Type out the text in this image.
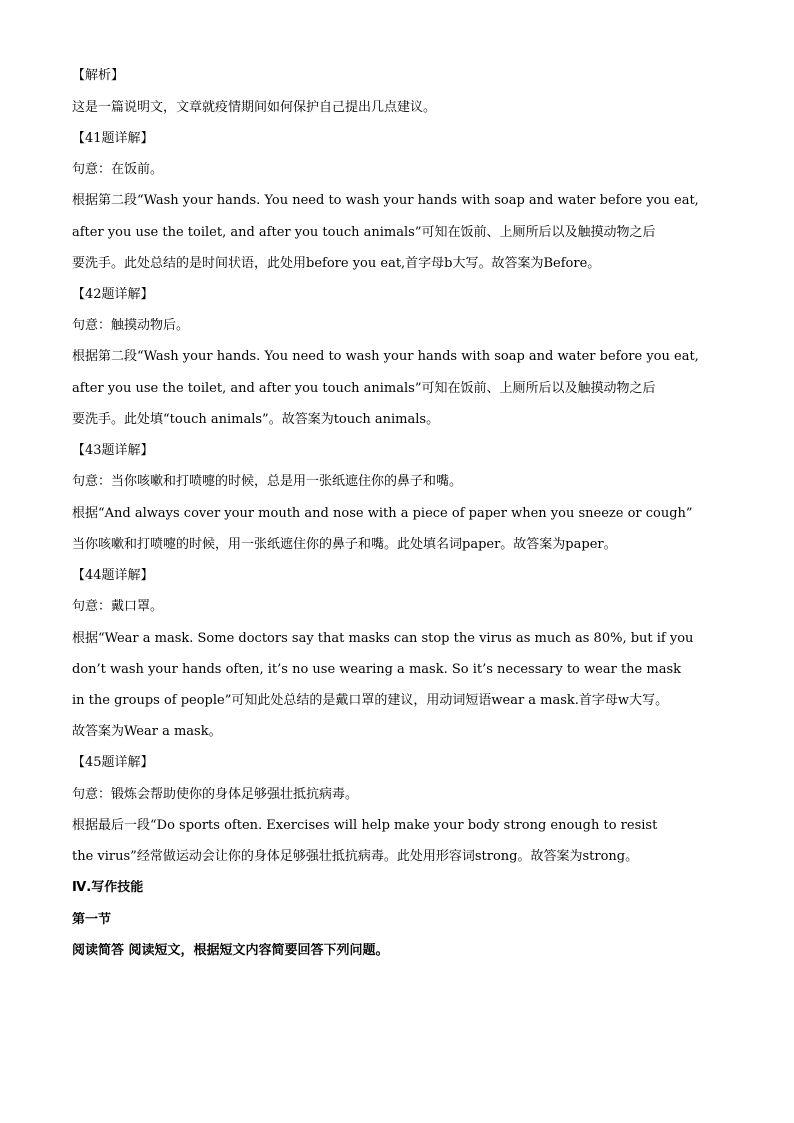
【解析】
这是一篇说明文，文章就疫情期间如何保护自己提出几点建议。
【41题详解】
句意：在饭前。
根据第二段“Wash your hands. You need to wash your hands with soap and water before you eat,
after you use the toilet, and after you touch animals”可知在饭前、上厕所后以及触摸动物之后
要洗手。此处总结的是时间状语，此处用before you eat,首字母b大写。故答案为Before。
【42题详解】
句意：触摸动物后。
根据第二段“Wash your hands. You need to wash your hands with soap and water before you eat,
after you use the toilet, and after you touch animals”可知在饭前、上厕所后以及触摸动物之后
要洗手。此处填“touch animals”。故答案为touch animals。
【43题详解】
句意：当你咳嗽和打喷嚏的时候，总是用一张纸遮住你的鼻子和嘴。
根据“And always cover your mouth and nose with a piece of paper when you sneeze or cough”
当你咳嗽和打喷嚏的时候，用一张纸遮住你的鼻子和嘴。此处填名词paper。故答案为paper。
【44题详解】
句意：戴口罩。
根据“Wear a mask. Some doctors say that masks can stop the virus as much as 80%, but if you
don’t wash your hands often, it’s no use wearing a mask. So it’s necessary to wear the mask
in the groups of people”可知此处总结的是戴口罩的建议，用动词短语wear a mask.首字母w大写。
故答案为Wear a mask。
【45题详解】
句意：锻炼会帮助使你的身体足够强壮抵抗病毒。
根据最后一段“Do sports often. Exercises will help make your body strong enough to resist
the virus”经常做运动会让你的身体足够强壮抵抗病毒。此处用形容词strong。故答案为strong。
Ⅳ.写作技能
第一节
阅读简答 阅读短文，根据短文内容简要回答下列问题。
